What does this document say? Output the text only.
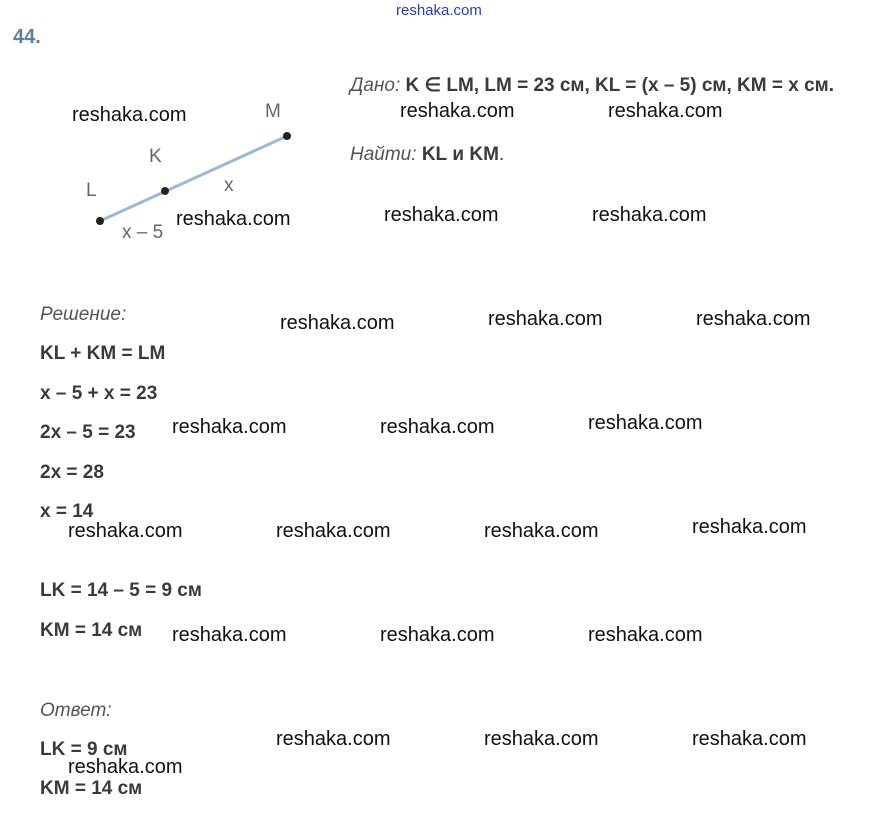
reshaka.com
44.
L
K
M
x
x – 5
Дано: K ∈ LM, LM = 23 см, KL = (x – 5) см, KM = x см.
Найти: KL и KM.
Решение:
KL + KM = LM
x – 5 + x = 23
2x – 5 = 23
2x = 28
x = 14
LK = 14 – 5 = 9 см
KM = 14 см
Ответ:
LK = 9 см
KM = 14 см
reshaka.com	reshaka.com	reshaka.com
reshaka.com	reshaka.com	reshaka.com
reshaka.com	reshaka.com	reshaka.com
reshaka.com	reshaka.com	reshaka.com
reshaka.com	reshaka.com	reshaka.com	reshaka.com
reshaka.com	reshaka.com	reshaka.com
reshaka.com	reshaka.com	reshaka.com
reshaka.com
